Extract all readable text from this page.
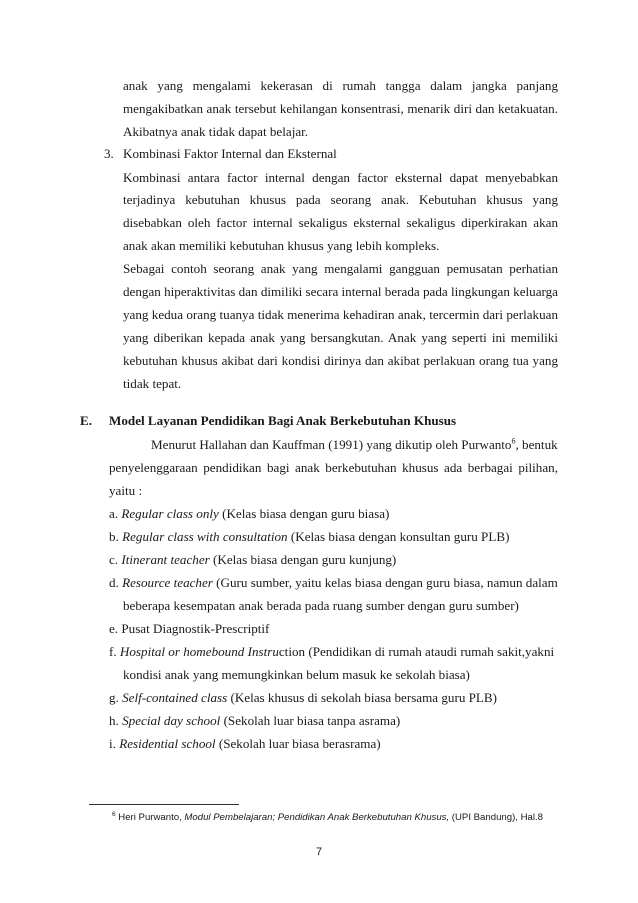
anak yang mengalami kekerasan di rumah tangga dalam jangka panjang
mengakibatkan anak tersebut kehilangan konsentrasi, menarik diri dan ketakuatan.
Akibatnya anak tidak dapat belajar.
3. Kombinasi Faktor Internal dan Eksternal
Kombinasi antara factor internal dengan factor eksternal dapat menyebabkan
terjadinya kebutuhan khusus pada seorang anak. Kebutuhan khusus yang
disebabkan oleh factor internal sekaligus eksternal sekaligus diperkirakan akan
anak akan memiliki kebutuhan khusus yang lebih kompleks.
Sebagai contoh seorang anak yang mengalami gangguan pemusatan perhatian
dengan hiperaktivitas dan dimiliki secara internal berada pada lingkungan keluarga
yang kedua orang tuanya tidak menerima kehadiran anak, tercermin dari perlakuan
yang diberikan kepada anak yang bersangkutan. Anak yang seperti ini memiliki
kebutuhan khusus akibat dari kondisi dirinya dan akibat perlakuan orang tua yang
tidak tepat.
E. Model Layanan Pendidikan Bagi Anak Berkebutuhan Khusus
Menurut Hallahan dan Kauffman (1991) yang dikutip oleh Purwanto$^6$, bentuk
penyelenggaraan pendidikan bagi anak berkebutuhan khusus ada berbagai pilihan,
yaitu :
a. Regular class only (Kelas biasa dengan guru biasa)
b. Regular class with consultation (Kelas biasa dengan konsultan guru PLB)
c. Itinerant teacher (Kelas biasa dengan guru kunjung)
d. Resource teacher (Guru sumber, yaitu kelas biasa dengan guru biasa, namun dalam
beberapa kesempatan anak berada pada ruang sumber dengan guru sumber)
e. Pusat Diagnostik-Prescriptif
f. Hospital or homebound Instruction (Pendidikan di rumah ataudi rumah sakit,yakni
kondisi anak yang memungkinkan belum masuk ke sekolah biasa)
g. Self-contained class (Kelas khusus di sekolah biasa bersama guru PLB)
h. Special day school (Sekolah luar biasa tanpa asrama)
i. Residential school (Sekolah luar biasa berasrama)
$^6$ Heri Purwanto, Modul Pembelajaran; Pendidikan Anak Berkebutuhan Khusus, (UPI Bandung), Hal.8
7
